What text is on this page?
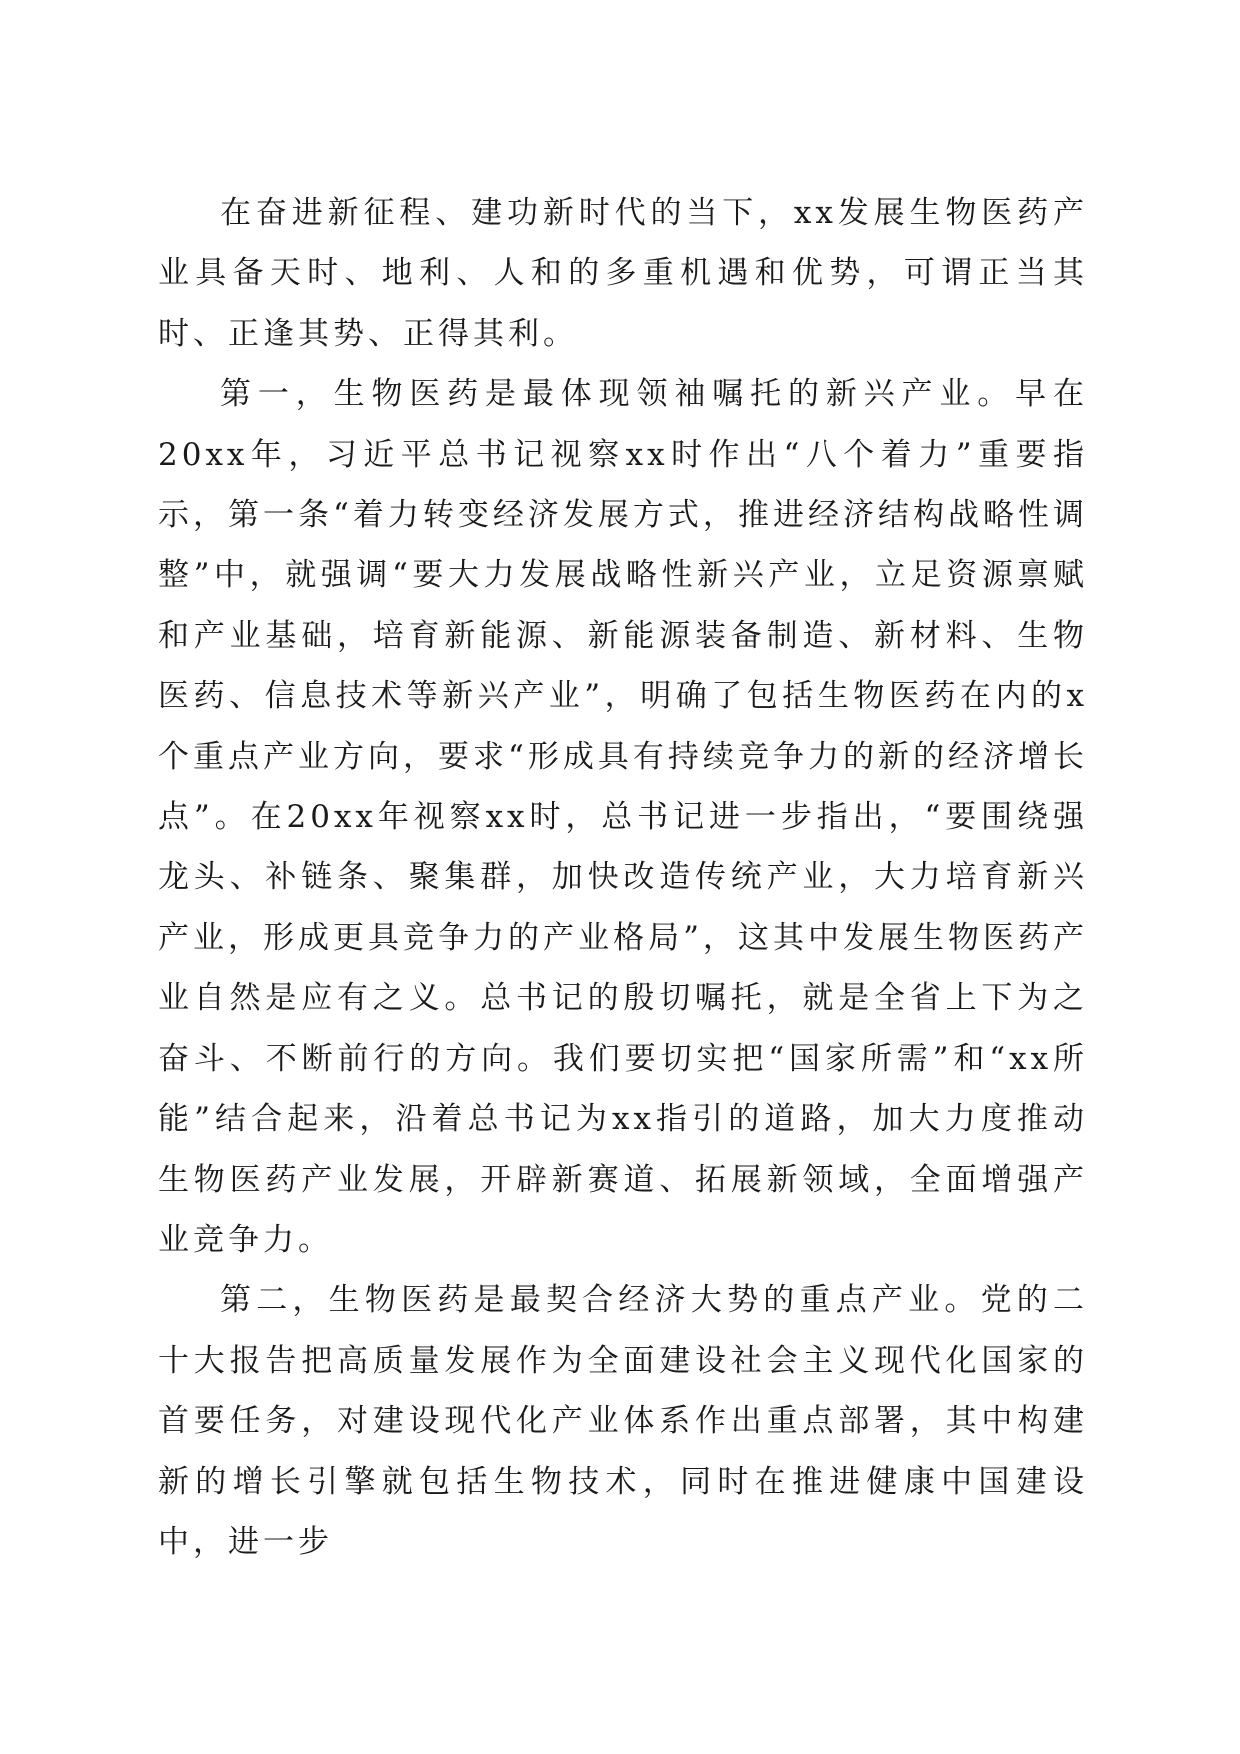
在奋进新征程、建功新时代的当下，xx发展生物医药产业具备天时、地利、人和的多重机遇和优势，可谓正当其时、正逢其势、正得其利。

第一，生物医药是最体现领袖嘱托的新兴产业。早在20xx年，习近平总书记视察xx时作出“八个着力”重要指示，第一条“着力转变经济发展方式，推进经济结构战略性调整”中，就强调“要大力发展战略性新兴产业，立足资源禀赋和产业基础，培育新能源、新能源装备制造、新材料、生物医药、信息技术等新兴产业”，明确了包括生物医药在内的x个重点产业方向，要求“形成具有持续竞争力的新的经济增长点”。在20xx年视察xx时，总书记进一步指出，“要围绕强龙头、补链条、聚集群，加快改造传统产业，大力培育新兴产业，形成更具竞争力的产业格局”，这其中发展生物医药产业自然是应有之义。总书记的殷切嘱托，就是全省上下为之奋斗、不断前行的方向。我们要切实把“国家所需”和“xx所能”结合起来，沿着总书记为xx指引的道路，加大力度推动生物医药产业发展，开辟新赛道、拓展新领域，全面增强产业竞争力。

第二，生物医药是最契合经济大势的重点产业。党的二十大报告把高质量发展作为全面建设社会主义现代化国家的首要任务，对建设现代化产业体系作出重点部署，其中构建新的增长引擎就包括生物技术，同时在推进健康中国建设中，进一步
